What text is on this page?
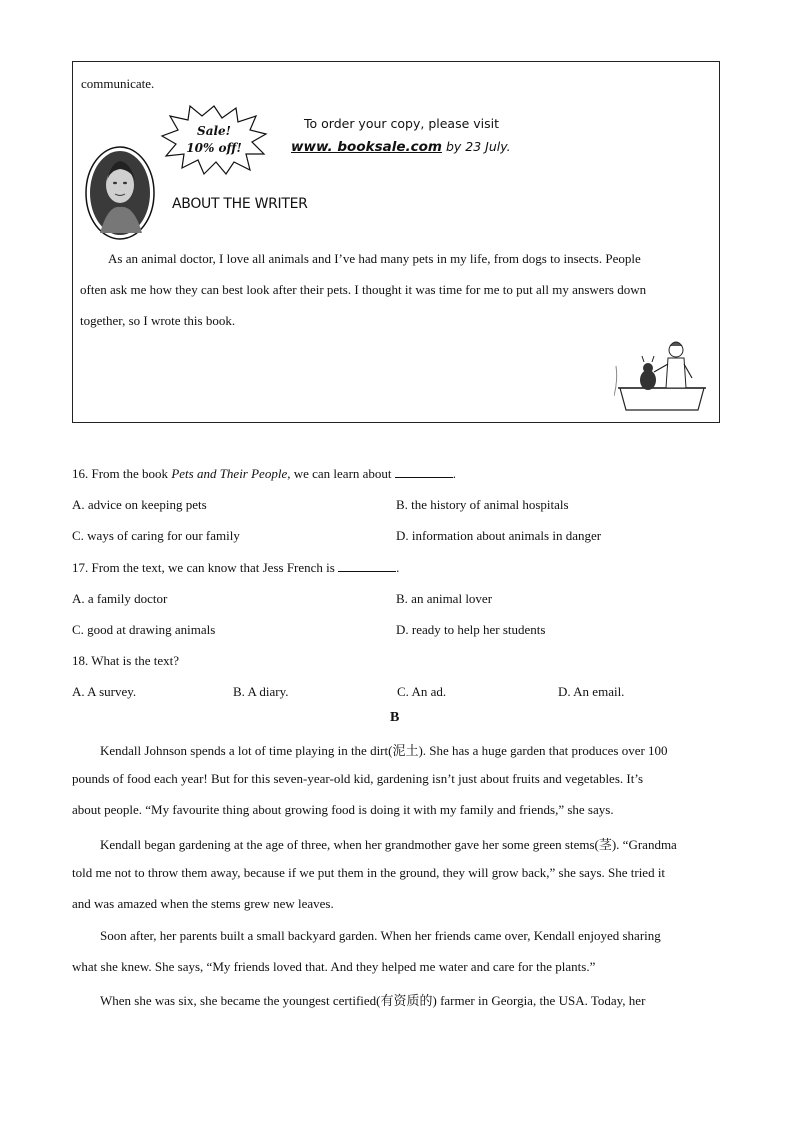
communicate.
Sale!
10% off!
To order your copy, please visit
www. booksale.com by 23 July.
ABOUT THE WRITER
As an animal doctor, I love all animals and I’ve had many pets in my life, from dogs to insects. People
often ask me how they can best look after their pets. I thought it was time for me to put all my answers down
together, so I wrote this book.
16. From the book Pets and Their People, we can learn about	.
A. advice on keeping pets	B. the history of animal hospitals
C. ways of caring for our family	D. information about animals in danger
17. From the text, we can know that Jess French is	.
A. a family doctor	B. an animal lover
C. good at drawing animals	D. ready to help her students
18. What is the text?
A. A survey.	B. A diary.	C. An ad.	D. An email.
B
Kendall Johnson spends a lot of time playing in the dirt(泥土). She has a huge garden that produces over 100
pounds of food each year! But for this seven-year-old kid, gardening isn’t just about fruits and vegetables. It’s
about people. “My favourite thing about growing food is doing it with my family and friends,” she says.
Kendall began gardening at the age of three, when her grandmother gave her some green stems(茎). “Grandma
told me not to throw them away, because if we put them in the ground, they will grow back,” she says. She tried it
and was amazed when the stems grew new leaves.
Soon after, her parents built a small backyard garden. When her friends came over, Kendall enjoyed sharing
what she knew. She says, “My friends loved that. And they helped me water and care for the plants.”
When she was six, she became the youngest certified(有资质的) farmer in Georgia, the USA. Today, her
